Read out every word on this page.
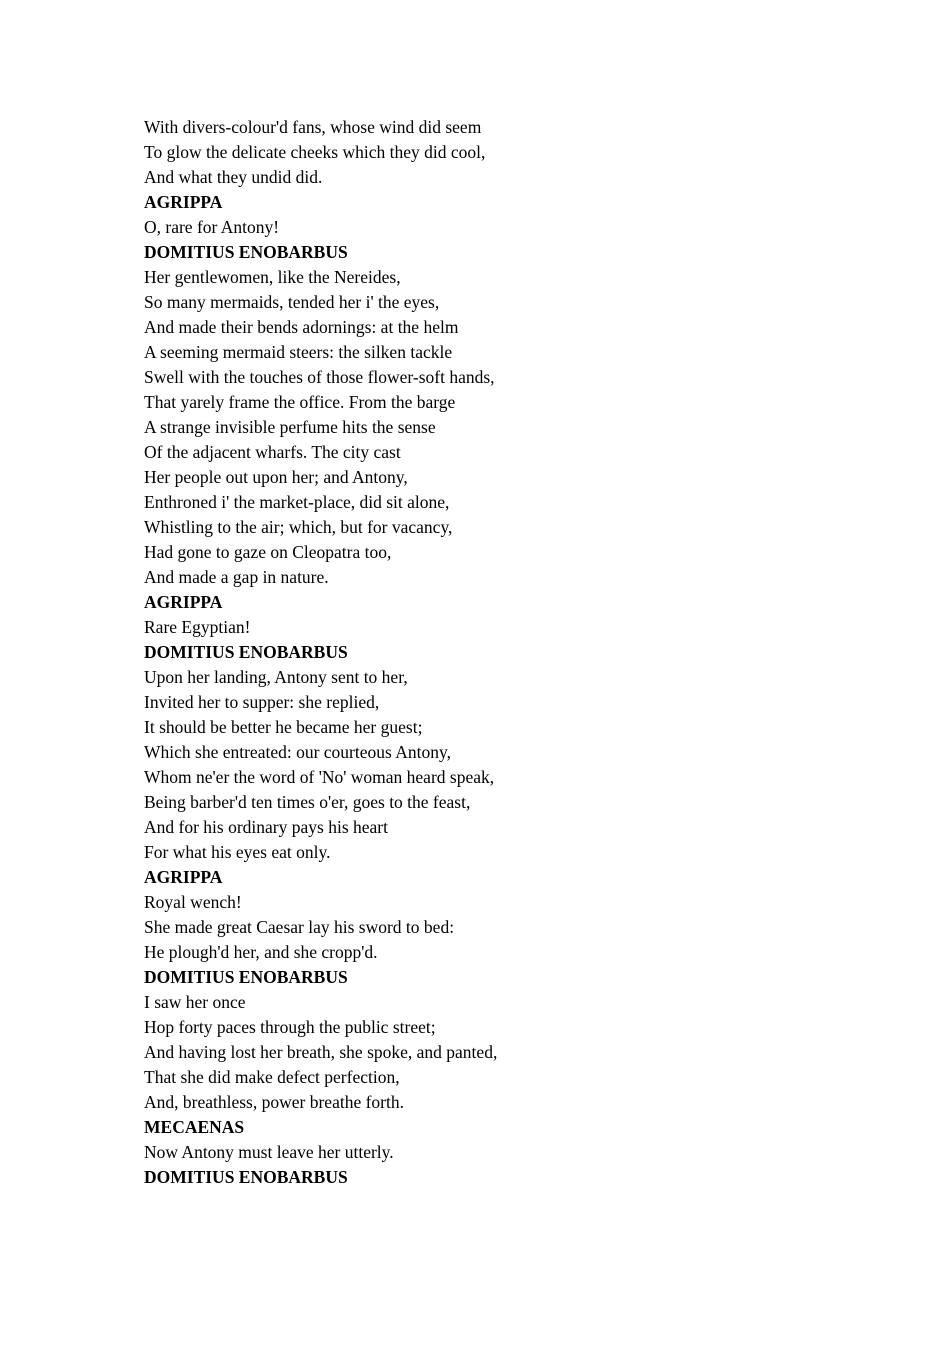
With divers-colour'd fans, whose wind did seem
To glow the delicate cheeks which they did cool,
And what they undid did.
AGRIPPA
O, rare for Antony!
DOMITIUS ENOBARBUS
Her gentlewomen, like the Nereides,
So many mermaids, tended her i' the eyes,
And made their bends adornings: at the helm
A seeming mermaid steers: the silken tackle
Swell with the touches of those flower-soft hands,
That yarely frame the office. From the barge
A strange invisible perfume hits the sense
Of the adjacent wharfs. The city cast
Her people out upon her; and Antony,
Enthroned i' the market-place, did sit alone,
Whistling to the air; which, but for vacancy,
Had gone to gaze on Cleopatra too,
And made a gap in nature.
AGRIPPA
Rare Egyptian!
DOMITIUS ENOBARBUS
Upon her landing, Antony sent to her,
Invited her to supper: she replied,
It should be better he became her guest;
Which she entreated: our courteous Antony,
Whom ne'er the word of 'No' woman heard speak,
Being barber'd ten times o'er, goes to the feast,
And for his ordinary pays his heart
For what his eyes eat only.
AGRIPPA
Royal wench!
She made great Caesar lay his sword to bed:
He plough'd her, and she cropp'd.
DOMITIUS ENOBARBUS
I saw her once
Hop forty paces through the public street;
And having lost her breath, she spoke, and panted,
That she did make defect perfection,
And, breathless, power breathe forth.
MECAENAS
Now Antony must leave her utterly.
DOMITIUS ENOBARBUS
